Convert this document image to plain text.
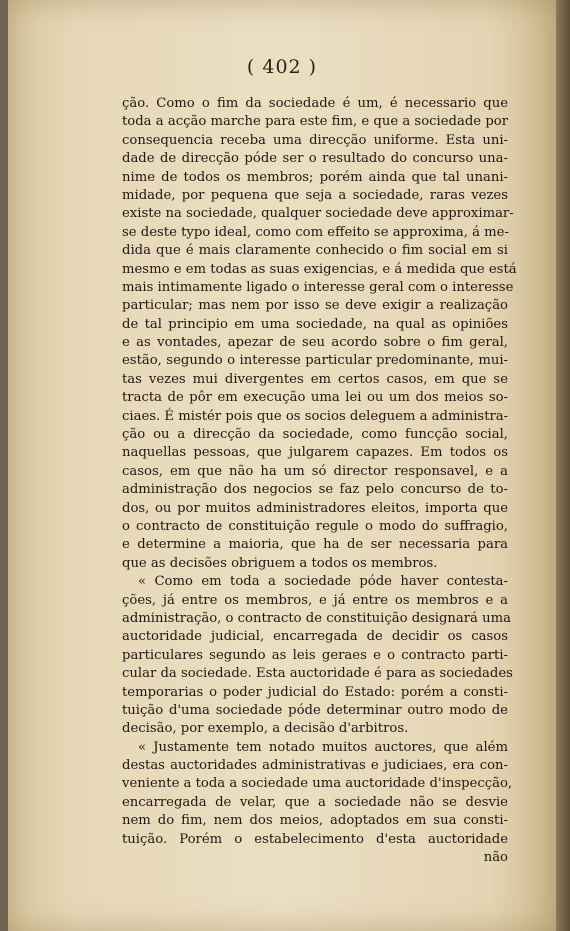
( 402 )
ção. Como o fim da sociedade é um, é necessario que
toda a acção marche para este fim, e que a sociedade por
consequencia receba uma direcção uniforme. Esta uni-
dade de direcção póde ser o resultado do concurso una-
nime de todos os membros; porém ainda que tal unani-
midade, por pequena que seja a sociedade, raras vezes
existe na sociedade, qualquer sociedade deve approximar-
se deste typo ideal, como com effeito se approxima, á me-
dida que é mais claramente conhecido o fim social em si
mesmo e em todas as suas exigencias, e á medida que está
mais intimamente ligado o interesse geral com o interesse
particular; mas nem por isso se deve exigir a realização
de tal principio em uma sociedade, na qual as opiniões
e as vontades, apezar de seu acordo sobre o fim geral,
estão, segundo o interesse particular predominante, mui-
tas vezes mui divergentes em certos casos, em que se
tracta de pôr em execução uma lei ou um dos meios so-
ciaes. É mistér pois que os socios deleguem a administra-
ção ou a direcção da sociedade, como funcção social,
naquellas pessoas, que julgarem capazes. Em todos os
casos, em que não ha um só director responsavel, e a
administração dos negocios se faz pelo concurso de to-
dos, ou por muitos administradores eleitos, importa que
o contracto de constituição regule o modo do suffragio,
e determine a maioria, que ha de ser necessaria para
que as decisões obriguem a todos os membros.
« Como em toda a sociedade póde haver contesta-
ções, já entre os membros, e já entre os membros e a
administração, o contracto de constituição designará uma
auctoridade judicial, encarregada de decidir os casos
particulares segundo as leis geraes e o contracto parti-
cular da sociedade. Esta auctoridade é para as sociedades
temporarias o poder judicial do Estado: porém a consti-
tuição d'uma sociedade póde determinar outro modo de
decisão, por exemplo, a decisão d'arbitros.
« Justamente tem notado muitos auctores, que além
destas auctoridades administrativas e judiciaes, era con-
veniente a toda a sociedade uma auctoridade d'inspecção,
encarregada de velar, que a sociedade não se desvie
nem do fim, nem dos meios, adoptados em sua consti-
tuição. Porém o estabelecimento d'esta auctoridade
não
